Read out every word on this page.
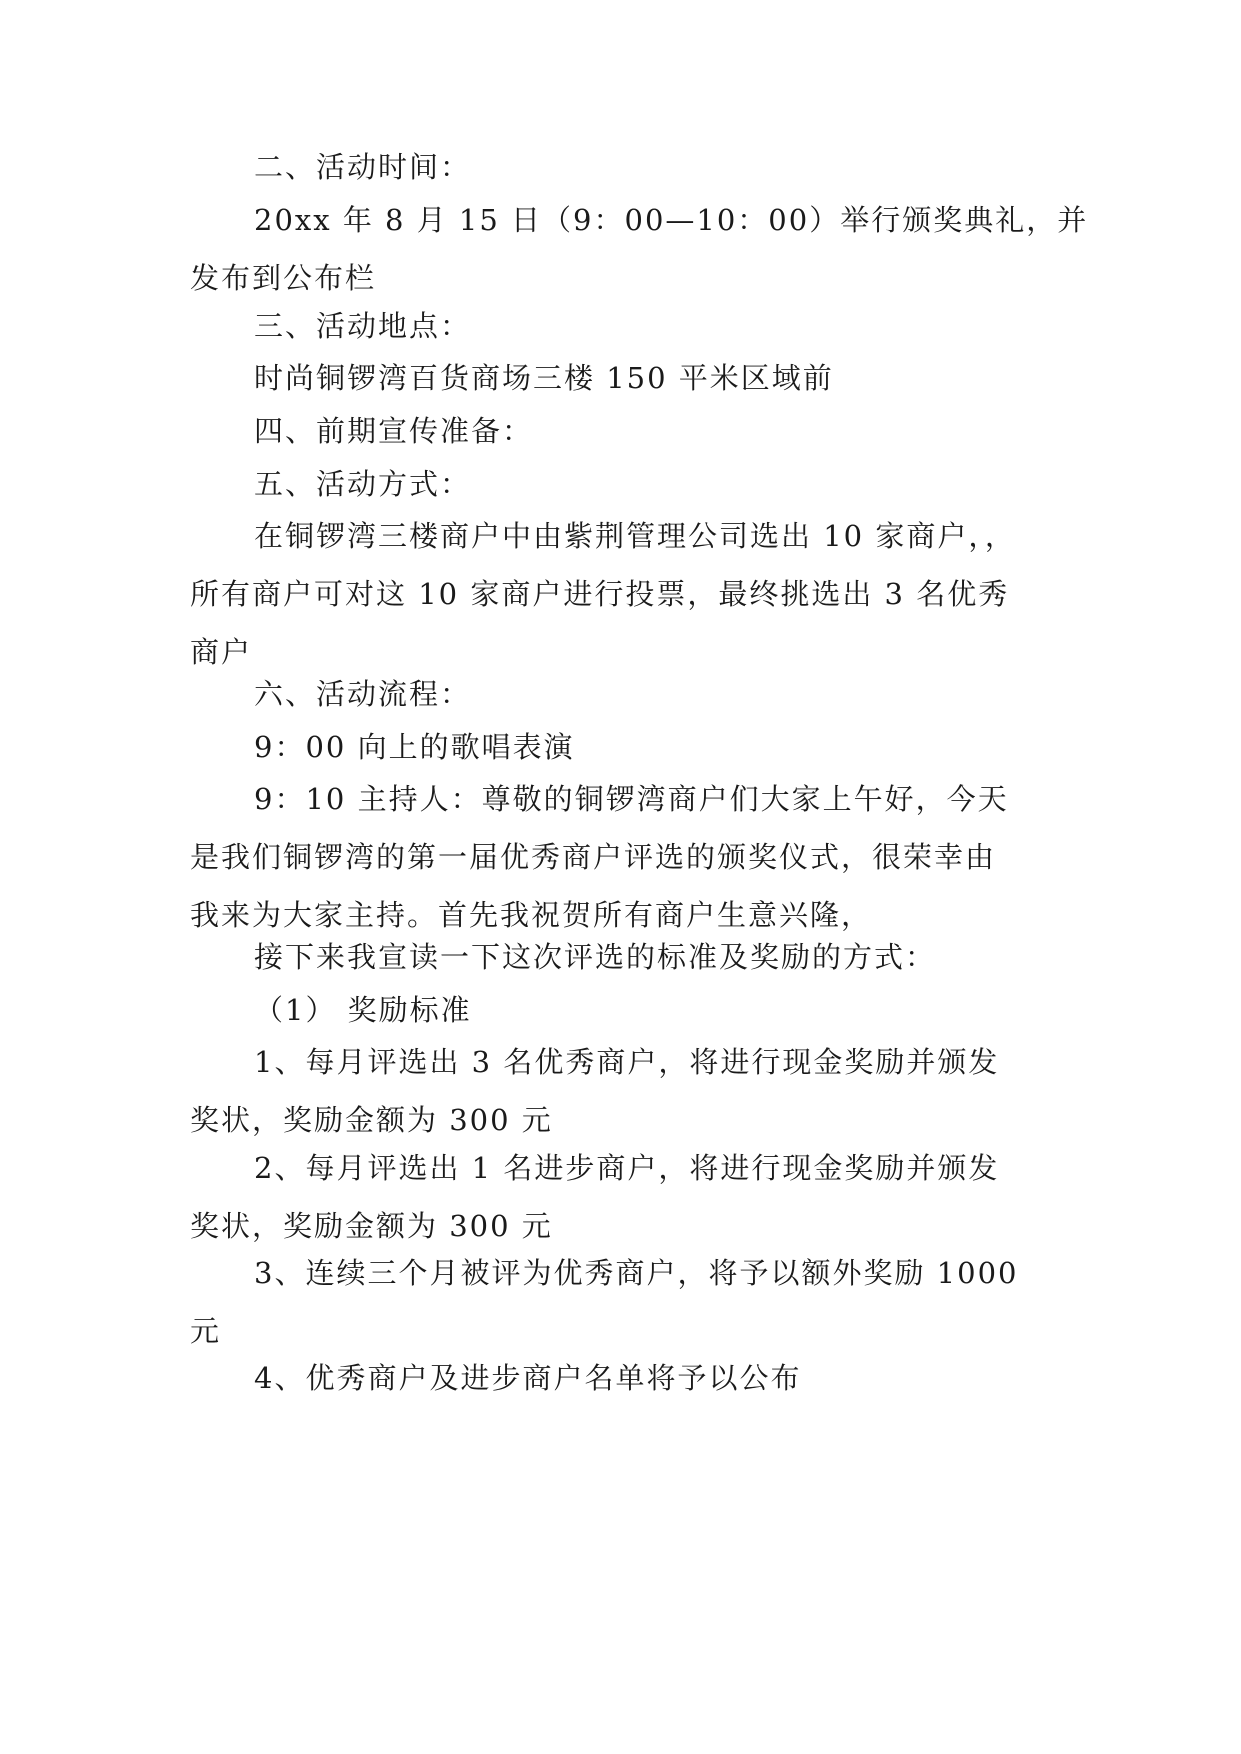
二、活动时间：
20xx 年 8 月 15 日（9：00—10：00）举行颁奖典礼，并
发布到公布栏
三、活动地点：
时尚铜锣湾百货商场三楼 150 平米区域前
四、前期宣传准备：
五、活动方式：
在铜锣湾三楼商户中由紫荆管理公司选出 10 家商户，，
所有商户可对这 10 家商户进行投票，最终挑选出 3 名优秀
商户
六、活动流程：
9：00 向上的歌唱表演
9：10 主持人：尊敬的铜锣湾商户们大家上午好，今天
是我们铜锣湾的第一届优秀商户评选的颁奖仪式，很荣幸由
我来为大家主持。首先我祝贺所有商户生意兴隆，
接下来我宣读一下这次评选的标准及奖励的方式：
（1） 奖励标准
1、每月评选出 3 名优秀商户，将进行现金奖励并颁发
奖状，奖励金额为 300 元
2、每月评选出 1 名进步商户，将进行现金奖励并颁发
奖状，奖励金额为 300 元
3、连续三个月被评为优秀商户，将予以额外奖励 1000
元
4、优秀商户及进步商户名单将予以公布
